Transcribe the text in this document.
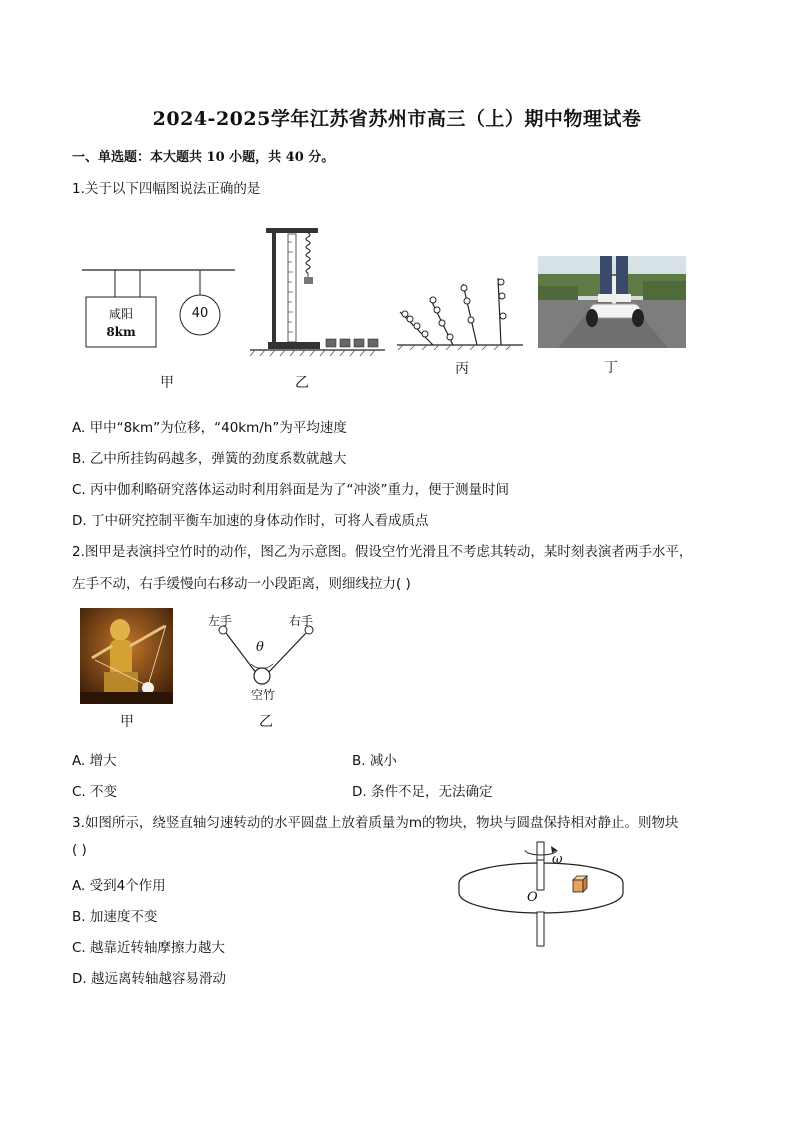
2024-2025学年江苏省苏州市高三（上）期中物理试卷
一、单选题：本大题共 10 小题，共 40 分。
1.关于以下四幅图说法正确的是
咸阳
8km
40
甲	乙
丙	丁
A. 甲中“8km”为位移，“40km/h”为平均速度
B. 乙中所挂钩码越多，弹簧的劲度系数就越大
C. 丙中伽利略研究落体运动时利用斜面是为了“冲淡”重力，便于测量时间
D. 丁中研究控制平衡车加速的身体动作时，可将人看成质点
2.图甲是表演抖空竹时的动作，图乙为示意图。假设空竹光滑且不考虑其转动，某时刻表演者两手水平，
左手不动，右手缓慢向右移动一小段距离，则细线拉力( )
甲
左手	右手
θ
空竹
乙
A. 增大	B. 减小
C. 不变	D. 条件不足，无法确定
3.如图所示，绕竖直轴匀速转动的水平圆盘上放着质量为m的物块，物块与圆盘保持相对静止。则物块
( )
ω
O
A. 受到4个作用
B. 加速度不变
C. 越靠近转轴摩擦力越大
D. 越远离转轴越容易滑动
